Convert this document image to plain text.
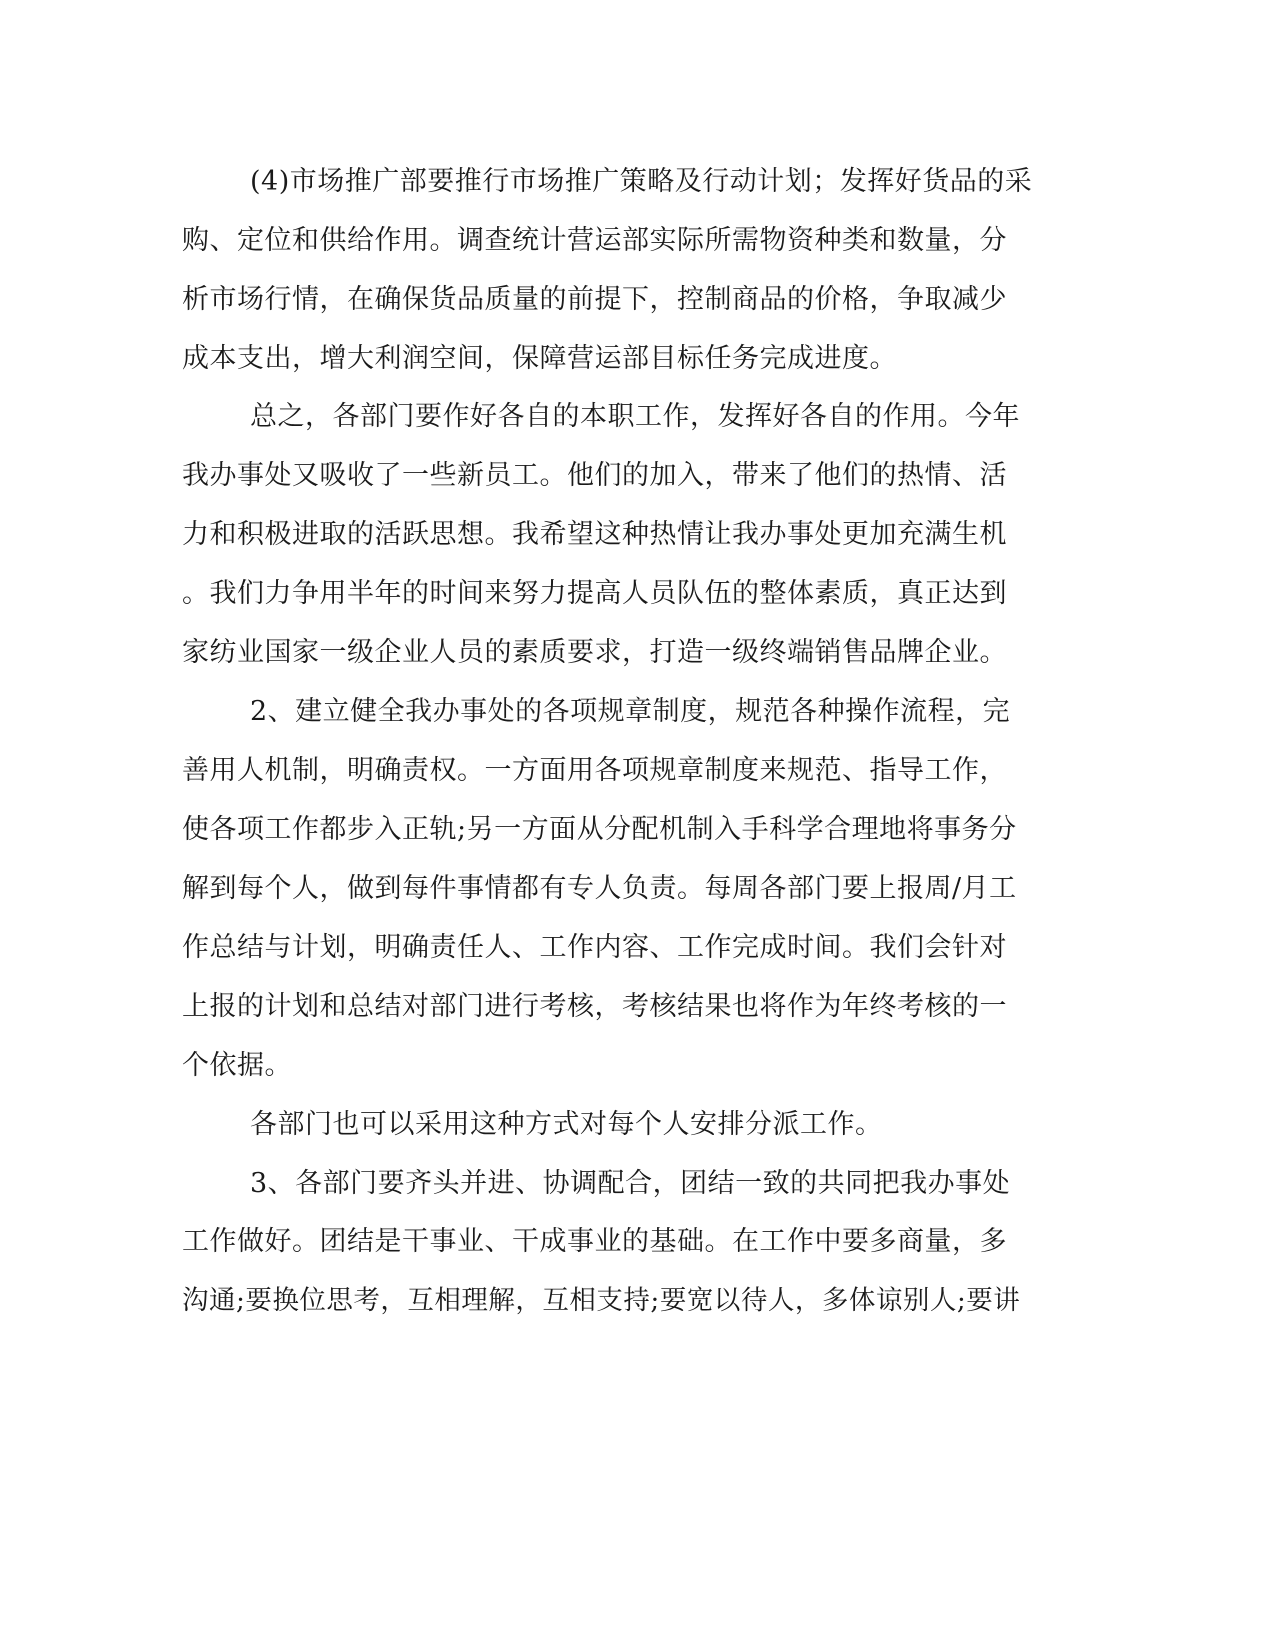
(4)市场推广部要推行市场推广策略及行动计划；发挥好货品的采

购、定位和供给作用。调查统计营运部实际所需物资种类和数量，分

析市场行情，在确保货品质量的前提下，控制商品的价格，争取减少

成本支出，增大利润空间，保障营运部目标任务完成进度。

总之，各部门要作好各自的本职工作，发挥好各自的作用。今年

我办事处又吸收了一些新员工。他们的加入，带来了他们的热情、活

力和积极进取的活跃思想。我希望这种热情让我办事处更加充满生机

。我们力争用半年的时间来努力提高人员队伍的整体素质，真正达到

家纺业国家一级企业人员的素质要求，打造一级终端销售品牌企业。

2、建立健全我办事处的各项规章制度，规范各种操作流程，完

善用人机制，明确责权。一方面用各项规章制度来规范、指导工作，

使各项工作都步入正轨;另一方面从分配机制入手科学合理地将事务分

解到每个人，做到每件事情都有专人负责。每周各部门要上报周/月工

作总结与计划，明确责任人、工作内容、工作完成时间。我们会针对

上报的计划和总结对部门进行考核，考核结果也将作为年终考核的一

个依据。

各部门也可以采用这种方式对每个人安排分派工作。

3、各部门要齐头并进、协调配合，团结一致的共同把我办事处

工作做好。团结是干事业、干成事业的基础。在工作中要多商量，多

沟通;要换位思考，互相理解，互相支持;要宽以待人，多体谅别人;要讲
